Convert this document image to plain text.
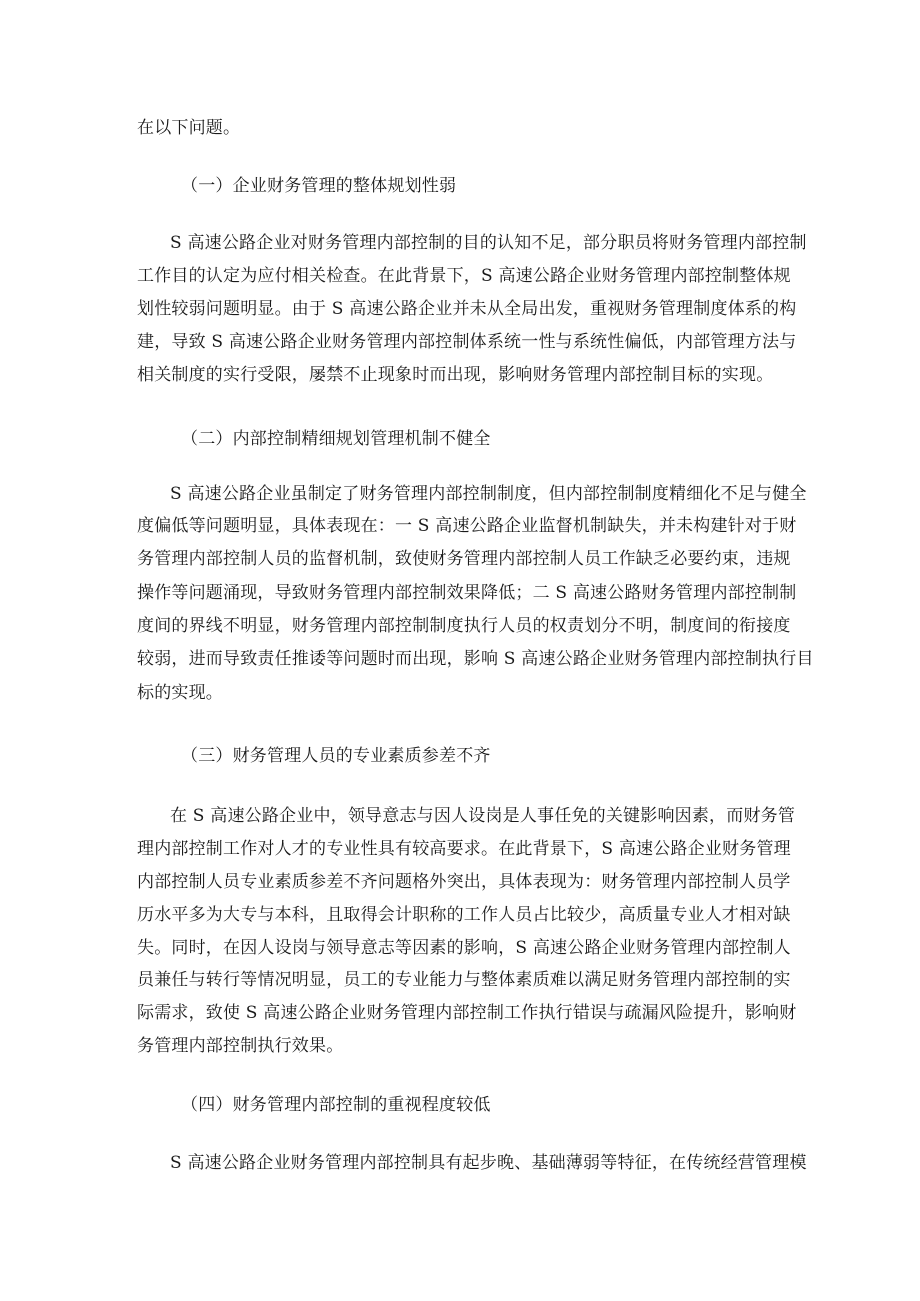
在以下问题。
（一）企业财务管理的整体规划性弱
S 高速公路企业对财务管理内部控制的目的认知不足，部分职员将财务管理内部控制
工作目的认定为应付相关检查。在此背景下，S 高速公路企业财务管理内部控制整体规
划性较弱问题明显。由于 S 高速公路企业并未从全局出发，重视财务管理制度体系的构
建，导致 S 高速公路企业财务管理内部控制体系统一性与系统性偏低，内部管理方法与
相关制度的实行受限，屡禁不止现象时而出现，影响财务管理内部控制目标的实现。
（二）内部控制精细规划管理机制不健全
S 高速公路企业虽制定了财务管理内部控制制度，但内部控制制度精细化不足与健全
度偏低等问题明显，具体表现在：一 S 高速公路企业监督机制缺失，并未构建针对于财
务管理内部控制人员的监督机制，致使财务管理内部控制人员工作缺乏必要约束，违规
操作等问题涌现，导致财务管理内部控制效果降低；二 S 高速公路财务管理内部控制制
度间的界线不明显，财务管理内部控制制度执行人员的权责划分不明，制度间的衔接度
较弱，进而导致责任推诿等问题时而出现，影响 S 高速公路企业财务管理内部控制执行目
标的实现。
（三）财务管理人员的专业素质参差不齐
在 S 高速公路企业中，领导意志与因人设岗是人事任免的关键影响因素，而财务管
理内部控制工作对人才的专业性具有较高要求。在此背景下，S 高速公路企业财务管理
内部控制人员专业素质参差不齐问题格外突出，具体表现为：财务管理内部控制人员学
历水平多为大专与本科，且取得会计职称的工作人员占比较少，高质量专业人才相对缺
失。同时，在因人设岗与领导意志等因素的影响，S 高速公路企业财务管理内部控制人
员兼任与转行等情况明显，员工的专业能力与整体素质难以满足财务管理内部控制的实
际需求，致使 S 高速公路企业财务管理内部控制工作执行错误与疏漏风险提升，影响财
务管理内部控制执行效果。
（四）财务管理内部控制的重视程度较低
S 高速公路企业财务管理内部控制具有起步晚、基础薄弱等特征，在传统经营管理模
